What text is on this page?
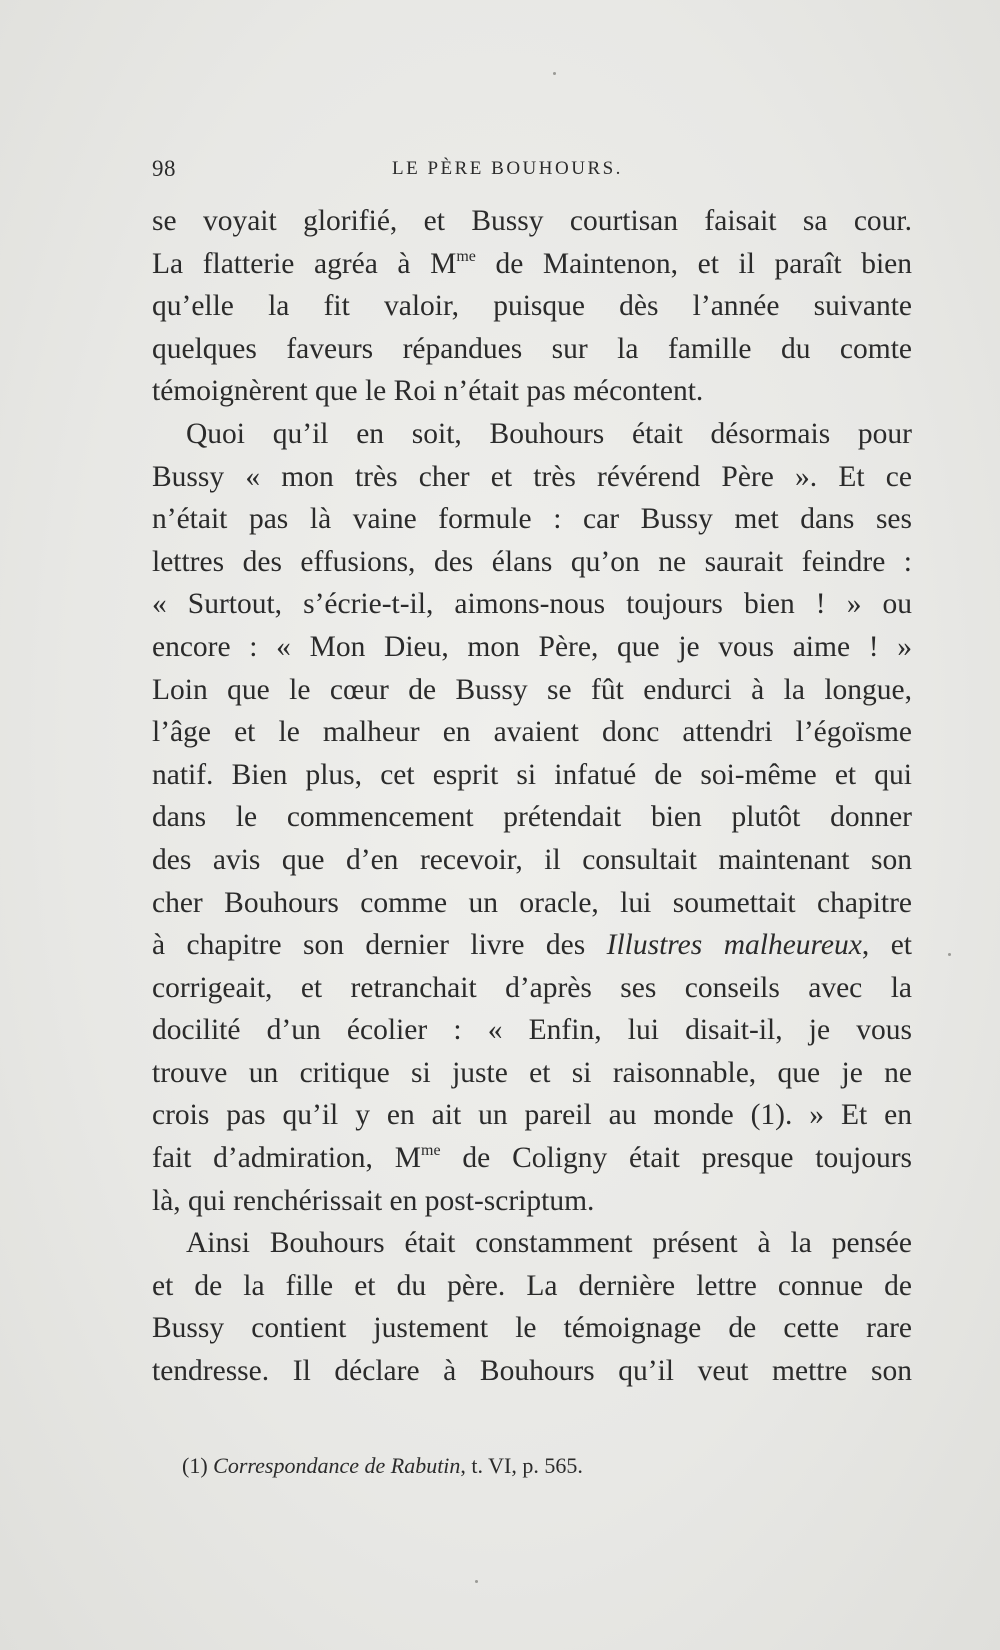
98	LE PÈRE BOUHOURS.
se voyait glorifié, et Bussy courtisan faisait sa cour.
La flatterie agréa à $M^{me}$ de Maintenon, et il paraît bien
qu’elle la fit valoir, puisque dès l’année suivante
quelques faveurs répandues sur la famille du comte
témoignèrent que le Roi n’était pas mécontent.
Quoi qu’il en soit, Bouhours était désormais pour
Bussy « mon très cher et très révérend Père ». Et ce
n’était pas là vaine formule : car Bussy met dans ses
lettres des effusions, des élans qu’on ne saurait feindre :
« Surtout, s’écrie-t-il, aimons-nous toujours bien ! » ou
encore : « Mon Dieu, mon Père, que je vous aime ! »
Loin que le cœur de Bussy se fût endurci à la longue,
l’âge et le malheur en avaient donc attendri l’égoïsme
natif. Bien plus, cet esprit si infatué de soi-même et qui
dans le commencement prétendait bien plutôt donner
des avis que d’en recevoir, il consultait maintenant son
cher Bouhours comme un oracle, lui soumettait chapitre
à chapitre son dernier livre des Illustres malheureux, et
corrigeait, et retranchait d’après ses conseils avec la
docilité d’un écolier : « Enfin, lui disait-il, je vous
trouve un critique si juste et si raisonnable, que je ne
crois pas qu’il y en ait un pareil au monde (1). » Et en
fait d’admiration, $M^{me}$ de Coligny était presque toujours
là, qui renchérissait en post-scriptum.
Ainsi Bouhours était constamment présent à la pensée
et de la fille et du père. La dernière lettre connue de
Bussy contient justement le témoignage de cette rare
tendresse. Il déclare à Bouhours qu’il veut mettre son
(1) Correspondance de Rabutin, t. VI, p. 565.
